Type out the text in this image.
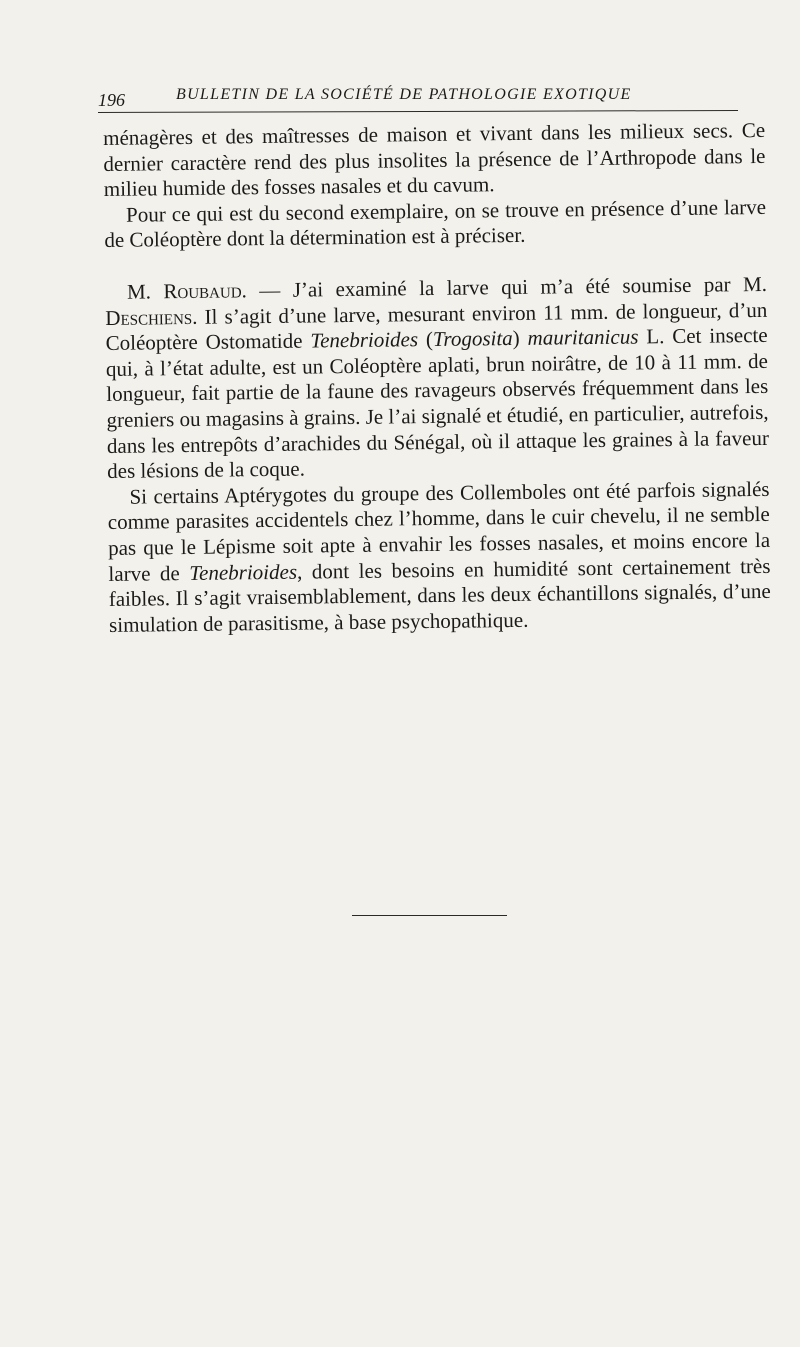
196	BULLETIN DE LA SOCIÉTÉ DE PATHOLOGIE EXOTIQUE

ménagères et des maîtresses de maison et vivant dans les milieux secs. Ce dernier caractère rend des plus insolites la présence de l’Arthropode dans le milieu humide des fosses nasales et du cavum.

Pour ce qui est du second exemplaire, on se trouve en présence d’une larve de Coléoptère dont la détermination est à préciser.

M. Roubaud. — J’ai examiné la larve qui m’a été soumise par M. Deschiens. Il s’agit d’une larve, mesurant environ 11 mm. de longueur, d’un Coléoptère Ostomatide Tenebrioides (Trogosita) mauritanicus L. Cet insecte qui, à l’état adulte, est un Coléoptère aplati, brun noirâtre, de 10 à 11 mm. de longueur, fait partie de la faune des ravageurs observés fréquemment dans les greniers ou magasins à grains. Je l’ai signalé et étudié, en particulier, autrefois, dans les entrepôts d’arachides du Sénégal, où il attaque les graines à la faveur des lésions de la coque.

Si certains Aptérygotes du groupe des Collemboles ont été parfois signalés comme parasites accidentels chez l’homme, dans le cuir chevelu, il ne semble pas que le Lépisme soit apte à envahir les fosses nasales, et moins encore la larve de Tenebrioides, dont les besoins en humidité sont certainement très faibles. Il s’agit vraisemblablement, dans les deux échantillons signalés, d’une simulation de parasitisme, à base psychopathique.
